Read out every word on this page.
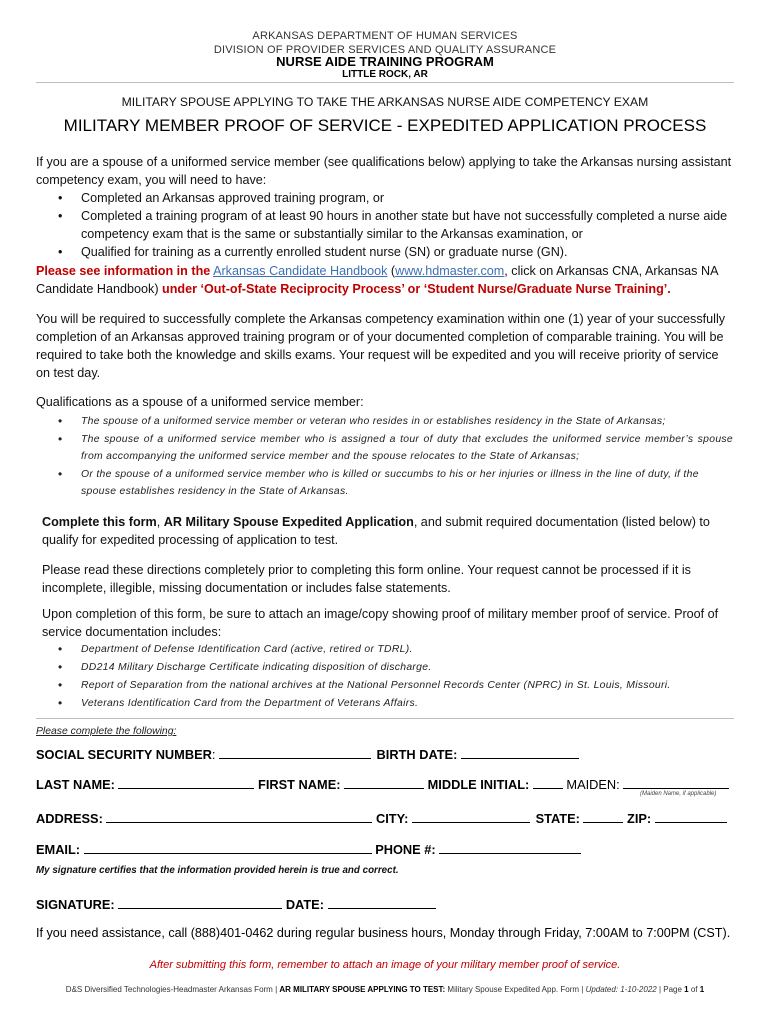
ARKANSAS DEPARTMENT OF HUMAN SERVICES
DIVISION OF PROVIDER SERVICES AND QUALITY ASSURANCE
NURSE AIDE TRAINING PROGRAM
LITTLE ROCK, AR
MILITARY SPOUSE APPLYING TO TAKE THE ARKANSAS NURSE AIDE COMPETENCY EXAM
MILITARY MEMBER PROOF OF SERVICE - EXPEDITED APPLICATION PROCESS
If you are a spouse of a uniformed service member (see qualifications below) applying to take the Arkansas nursing assistant competency exam, you will need to have:
• Completed an Arkansas approved training program, or
• Completed a training program of at least 90 hours in another state but have not successfully completed a nurse aide competency exam that is the same or substantially similar to the Arkansas examination, or
• Qualified for training as a currently enrolled student nurse (SN) or graduate nurse (GN).
Please see information in the Arkansas Candidate Handbook (www.hdmaster.com, click on Arkansas CNA, Arkansas NA Candidate Handbook) under ‘Out-of-State Reciprocity Process’ or ‘Student Nurse/Graduate Nurse Training’.
You will be required to successfully complete the Arkansas competency examination within one (1) year of your successfully completion of an Arkansas approved training program or of your documented completion of comparable training. You will be required to take both the knowledge and skills exams. Your request will be expedited and you will receive priority of service on test day.
Qualifications as a spouse of a uniformed service member:
• The spouse of a uniformed service member or veteran who resides in or establishes residency in the State of Arkansas;
• The spouse of a uniformed service member who is assigned a tour of duty that excludes the uniformed service member’s spouse from accompanying the uniformed service member and the spouse relocates to the State of Arkansas;
• Or the spouse of a uniformed service member who is killed or succumbs to his or her injuries or illness in the line of duty, if the spouse establishes residency in the State of Arkansas.
Complete this form, AR Military Spouse Expedited Application, and submit required documentation (listed below) to qualify for expedited processing of application to test.
Please read these directions completely prior to completing this form online. Your request cannot be processed if it is incomplete, illegible, missing documentation or includes false statements.
Upon completion of this form, be sure to attach an image/copy showing proof of military member proof of service. Proof of service documentation includes:
• Department of Defense Identification Card (active, retired or TDRL).
• DD214 Military Discharge Certificate indicating disposition of discharge.
• Report of Separation from the national archives at the National Personnel Records Center (NPRC) in St. Louis, Missouri.
• Veterans Identification Card from the Department of Veterans Affairs.
Please complete the following:
SOCIAL SECURITY NUMBER:	BIRTH DATE:
LAST NAME:	FIRST NAME:	MIDDLE INITIAL:	MAIDEN:
(Maiden Name, if applicable)
ADDRESS:	CITY:	STATE:	ZIP:
EMAIL:	PHONE #:
My signature certifies that the information provided herein is true and correct.
SIGNATURE:	DATE:
If you need assistance, call (888)401-0462 during regular business hours, Monday through Friday, 7:00AM to 7:00PM (CST).
After submitting this form, remember to attach an image of your military member proof of service.
D&S Diversified Technologies-Headmaster Arkansas Form | AR MILITARY SPOUSE APPLYING TO TEST: Military Spouse Expedited App. Form | Updated: 1-10-2022 | Page 1 of 1
